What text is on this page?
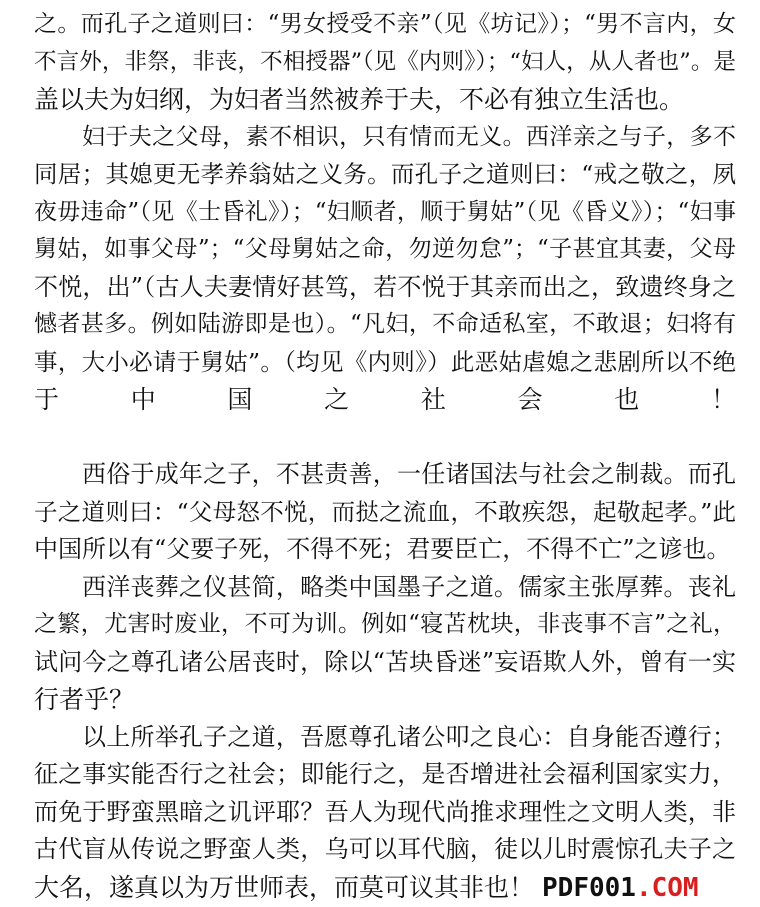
之。而孔子之道则曰：“男女授受不亲”（见《坊记》）；“男不言内，女
不言外，非祭，非丧，不相授器”（见《内则》）；“妇人，从人者也”。是
盖以夫为妇纲，为妇者当然被养于夫，不必有独立生活也。
妇于夫之父母，素不相识，只有情而无义。西洋亲之与子，多不
同居；其媳更无孝养翁姑之义务。而孔子之道则曰：“戒之敬之，夙
夜毋违命”（见《士昏礼》）；“妇顺者，顺于舅姑”（见《昏义》）；“妇事
舅姑，如事父母”；“父母舅姑之命，勿逆勿怠”；“子甚宜其妻，父母
不悦，出”（古人夫妻情好甚笃，若不悦于其亲而出之，致遗终身之
憾者甚多。例如陆游即是也）。“凡妇，不命适私室，不敢退；妇将有
事，大小必请于舅姑”。（均见《内则》）此恶姑虐媳之悲剧所以不绝
于中国之社会也！
西俗于成年之子，不甚责善，一任诸国法与社会之制裁。而孔
子之道则曰：“父母怒不悦，而挞之流血，不敢疾怨，起敬起孝。”此
中国所以有“父要子死，不得不死；君要臣亡，不得不亡”之谚也。
西洋丧葬之仪甚简，略类中国墨子之道。儒家主张厚葬。丧礼
之繁，尤害时废业，不可为训。例如“寝苫枕块，非丧事不言”之礼，
试问今之尊孔诸公居丧时，除以“苫块昏迷”妄语欺人外，曾有一实
行者乎？
以上所举孔子之道，吾愿尊孔诸公叩之良心：自身能否遵行；
征之事实能否行之社会；即能行之，是否增进社会福利国家实力，
而免于野蛮黑暗之讥评耶？吾人为现代尚推求理性之文明人类，非
古代盲从传说之野蛮人类，乌可以耳代脑，徒以儿时震惊孔夫子之
大名，遂真以为万世师表，而莫可议其非也！ PDF001.COM
